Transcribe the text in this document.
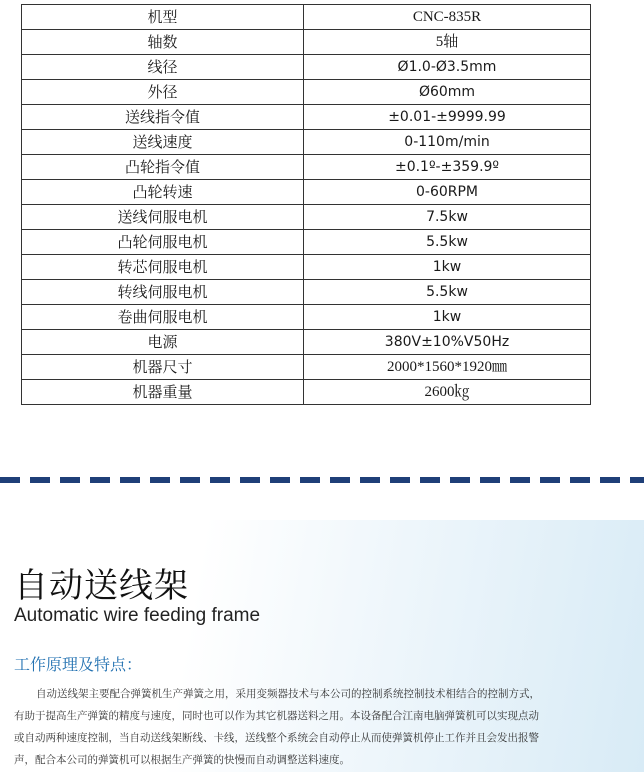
机型	CNC-835R
轴数	5轴
线径	Ø1.0-Ø3.5mm
外径	Ø60mm
送线指令值	±0.01-±9999.99
送线速度	0-110m/min
凸轮指令值	±0.1º-±359.9º
凸轮转速	0-60RPM
送线伺服电机	7.5kw
凸轮伺服电机	5.5kw
转芯伺服电机	1kw
转线伺服电机	5.5kw
卷曲伺服电机	1kw
电源	380V±10%V50Hz
机器尺寸	2000*1560*1920㎜
机器重量	2600㎏
自动送线架
Automatic wire feeding frame
工作原理及特点：
自动送线架主要配合弹簧机生产弹簧之用，采用变频器技术与本公司的控制系统控制技术相结合的控制方式，
有助于提高生产弹簧的精度与速度，同时也可以作为其它机器送料之用。本设备配合江南电脑弹簧机可以实现点动
或自动两种速度控制，当自动送线架断线、卡线，送线整个系统会自动停止从而使弹簧机停止工作并且会发出报警
声，配合本公司的弹簧机可以根据生产弹簧的快慢而自动调整送料速度。
